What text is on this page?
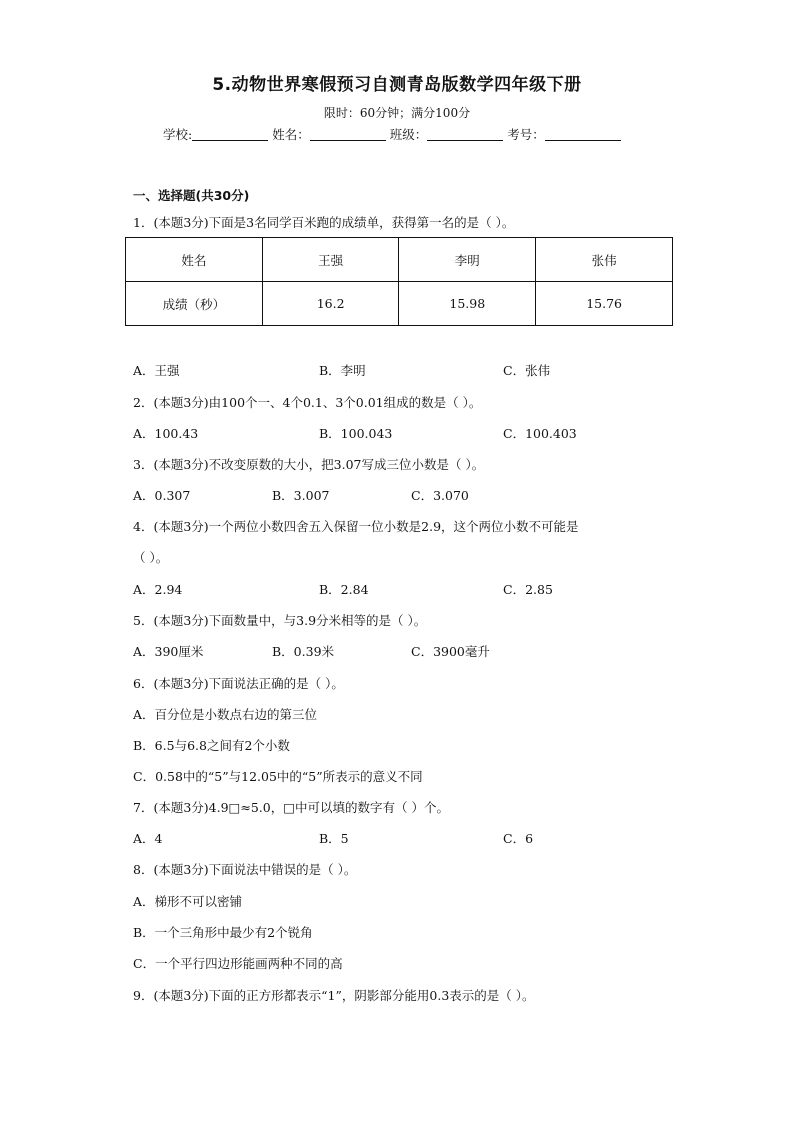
5.动物世界寒假预习自测青岛版数学四年级下册
限时：60分钟；满分100分
学校:	姓名：	班级：	考号：
一、选择题(共30分)
1．(本题3分)下面是3名同学百米跑的成绩单，获得第一名的是（ ）。
姓名	王强	李明	张伟
成绩（秒）	16.2	15.98	15.76
A．王强	B．李明	C．张伟
2．(本题3分)由100个一、4个0.1、3个0.01组成的数是（ ）。
A．100.43	B．100.043	C．100.403
3．(本题3分)不改变原数的大小，把3.07写成三位小数是（ ）。
A．0.307	B．3.007	C．3.070
4．(本题3分)一个两位小数四舍五入保留一位小数是2.9，这个两位小数不可能是
（ ）。
A．2.94	B．2.84	C．2.85
5．(本题3分)下面数量中，与3.9分米相等的是（ ）。
A．390厘米	B．0.39米	C．3900毫升
6．(本题3分)下面说法正确的是（ ）。
A．百分位是小数点右边的第三位
B．6.5与6.8之间有2个小数
C．0.58中的“5”与12.05中的“5”所表示的意义不同
7．(本题3分)4.9□≈5.0，□中可以填的数字有（ ）个。
A．4	B．5	C．6
8．(本题3分)下面说法中错误的是（ ）。
A．梯形不可以密铺
B．一个三角形中最少有2个锐角
C．一个平行四边形能画两种不同的高
9．(本题3分)下面的正方形都表示“1”，阴影部分能用0.3表示的是（ ）。
